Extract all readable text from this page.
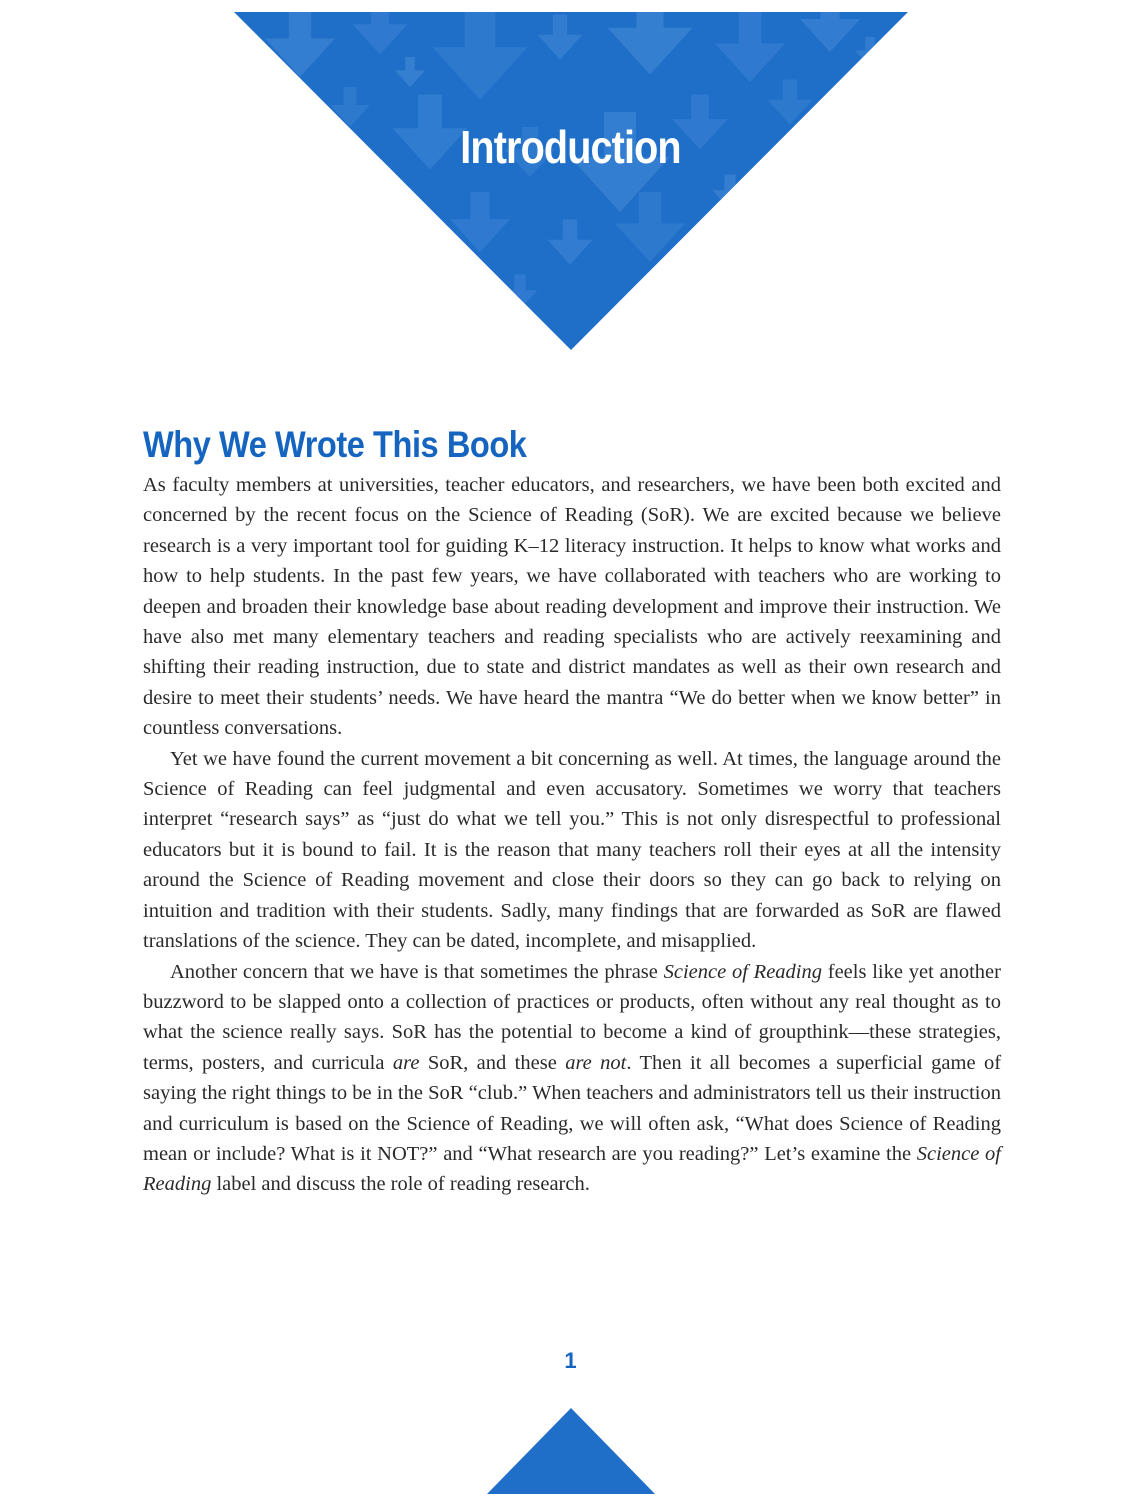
Introduction
Why We Wrote This Book

As faculty members at universities, teacher educators, and researchers, we have been both excited and concerned by the recent focus on the Science of Reading (SoR). We are excited because we believe research is a very important tool for guiding K–12 literacy instruction. It helps to know what works and how to help students. In the past few years, we have collaborated with teachers who are working to deepen and broaden their knowledge base about reading development and improve their instruction. We have also met many elementary teachers and reading specialists who are actively reexamining and shifting their reading instruction, due to state and district mandates as well as their own research and desire to meet their students’ needs. We have heard the mantra “We do better when we know better” in countless conversations.

Yet we have found the current movement a bit concerning as well. At times, the language around the Science of Reading can feel judgmental and even accusatory. Sometimes we worry that teachers interpret “research says” as “just do what we tell you.” This is not only disrespectful to professional educators but it is bound to fail. It is the reason that many teachers roll their eyes at all the intensity around the Science of Reading movement and close their doors so they can go back to relying on intuition and tradition with their students. Sadly, many findings that are forwarded as SoR are flawed translations of the science. They can be dated, incomplete, and misapplied.

Another concern that we have is that sometimes the phrase Science of Reading feels like yet another buzzword to be slapped onto a collection of practices or products, often without any real thought as to what the science really says. SoR has the potential to become a kind of groupthink—these strategies, terms, posters, and curricula are SoR, and these are not. Then it all becomes a superficial game of saying the right things to be in the SoR “club.” When teachers and administrators tell us their instruction and curriculum is based on the Science of Reading, we will often ask, “What does Science of Reading mean or include? What is it NOT?” and “What research are you reading?” Let’s examine the Science of Reading label and discuss the role of reading research.

1
